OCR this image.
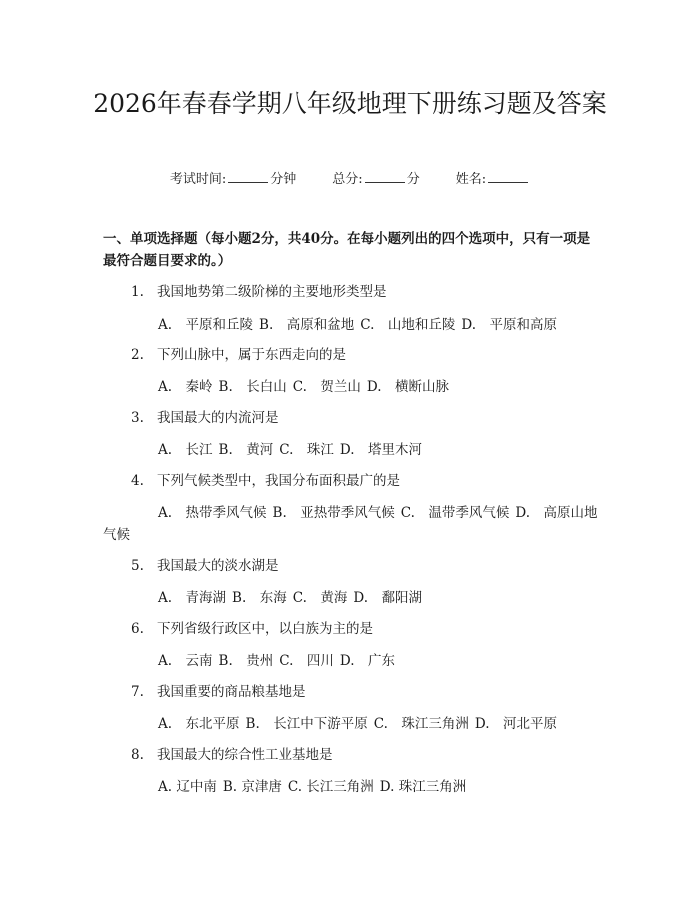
2026年春春学期八年级地理下册练习题及答案
考试时间:	分钟	总分:	分	姓名:
一、单项选择题（每小题2分，共40分。在每小题列出的四个选项中，只有一项是最符合题目要求的。）
1. 我国地势第二级阶梯的主要地形类型是
A.　平原和丘陵 B.　高原和盆地 C.　山地和丘陵 D.　平原和高原
2. 下列山脉中，属于东西走向的是
A.　秦岭 B.　长白山 C.　贺兰山 D.　横断山脉
3. 我国最大的内流河是
A.　长江 B.　黄河 C.　珠江 D.　塔里木河
4. 下列气候类型中，我国分布面积最广的是
A.　热带季风气候 B.　亚热带季风气候 C.　温带季风气候 D.　高原山地气候
5. 我国最大的淡水湖是
A.　青海湖 B.　东海 C.　黄海 D.　鄱阳湖
6. 下列省级行政区中，以白族为主的是
A.　云南 B.　贵州 C.　四川 D.　广东
7. 我国重要的商品粮基地是
A.　东北平原 B.　长江中下游平原 C.　珠江三角洲 D.　河北平原
8. 我国最大的综合性工业基地是
A. 辽中南 B. 京津唐 C. 长江三角洲 D. 珠江三角洲
